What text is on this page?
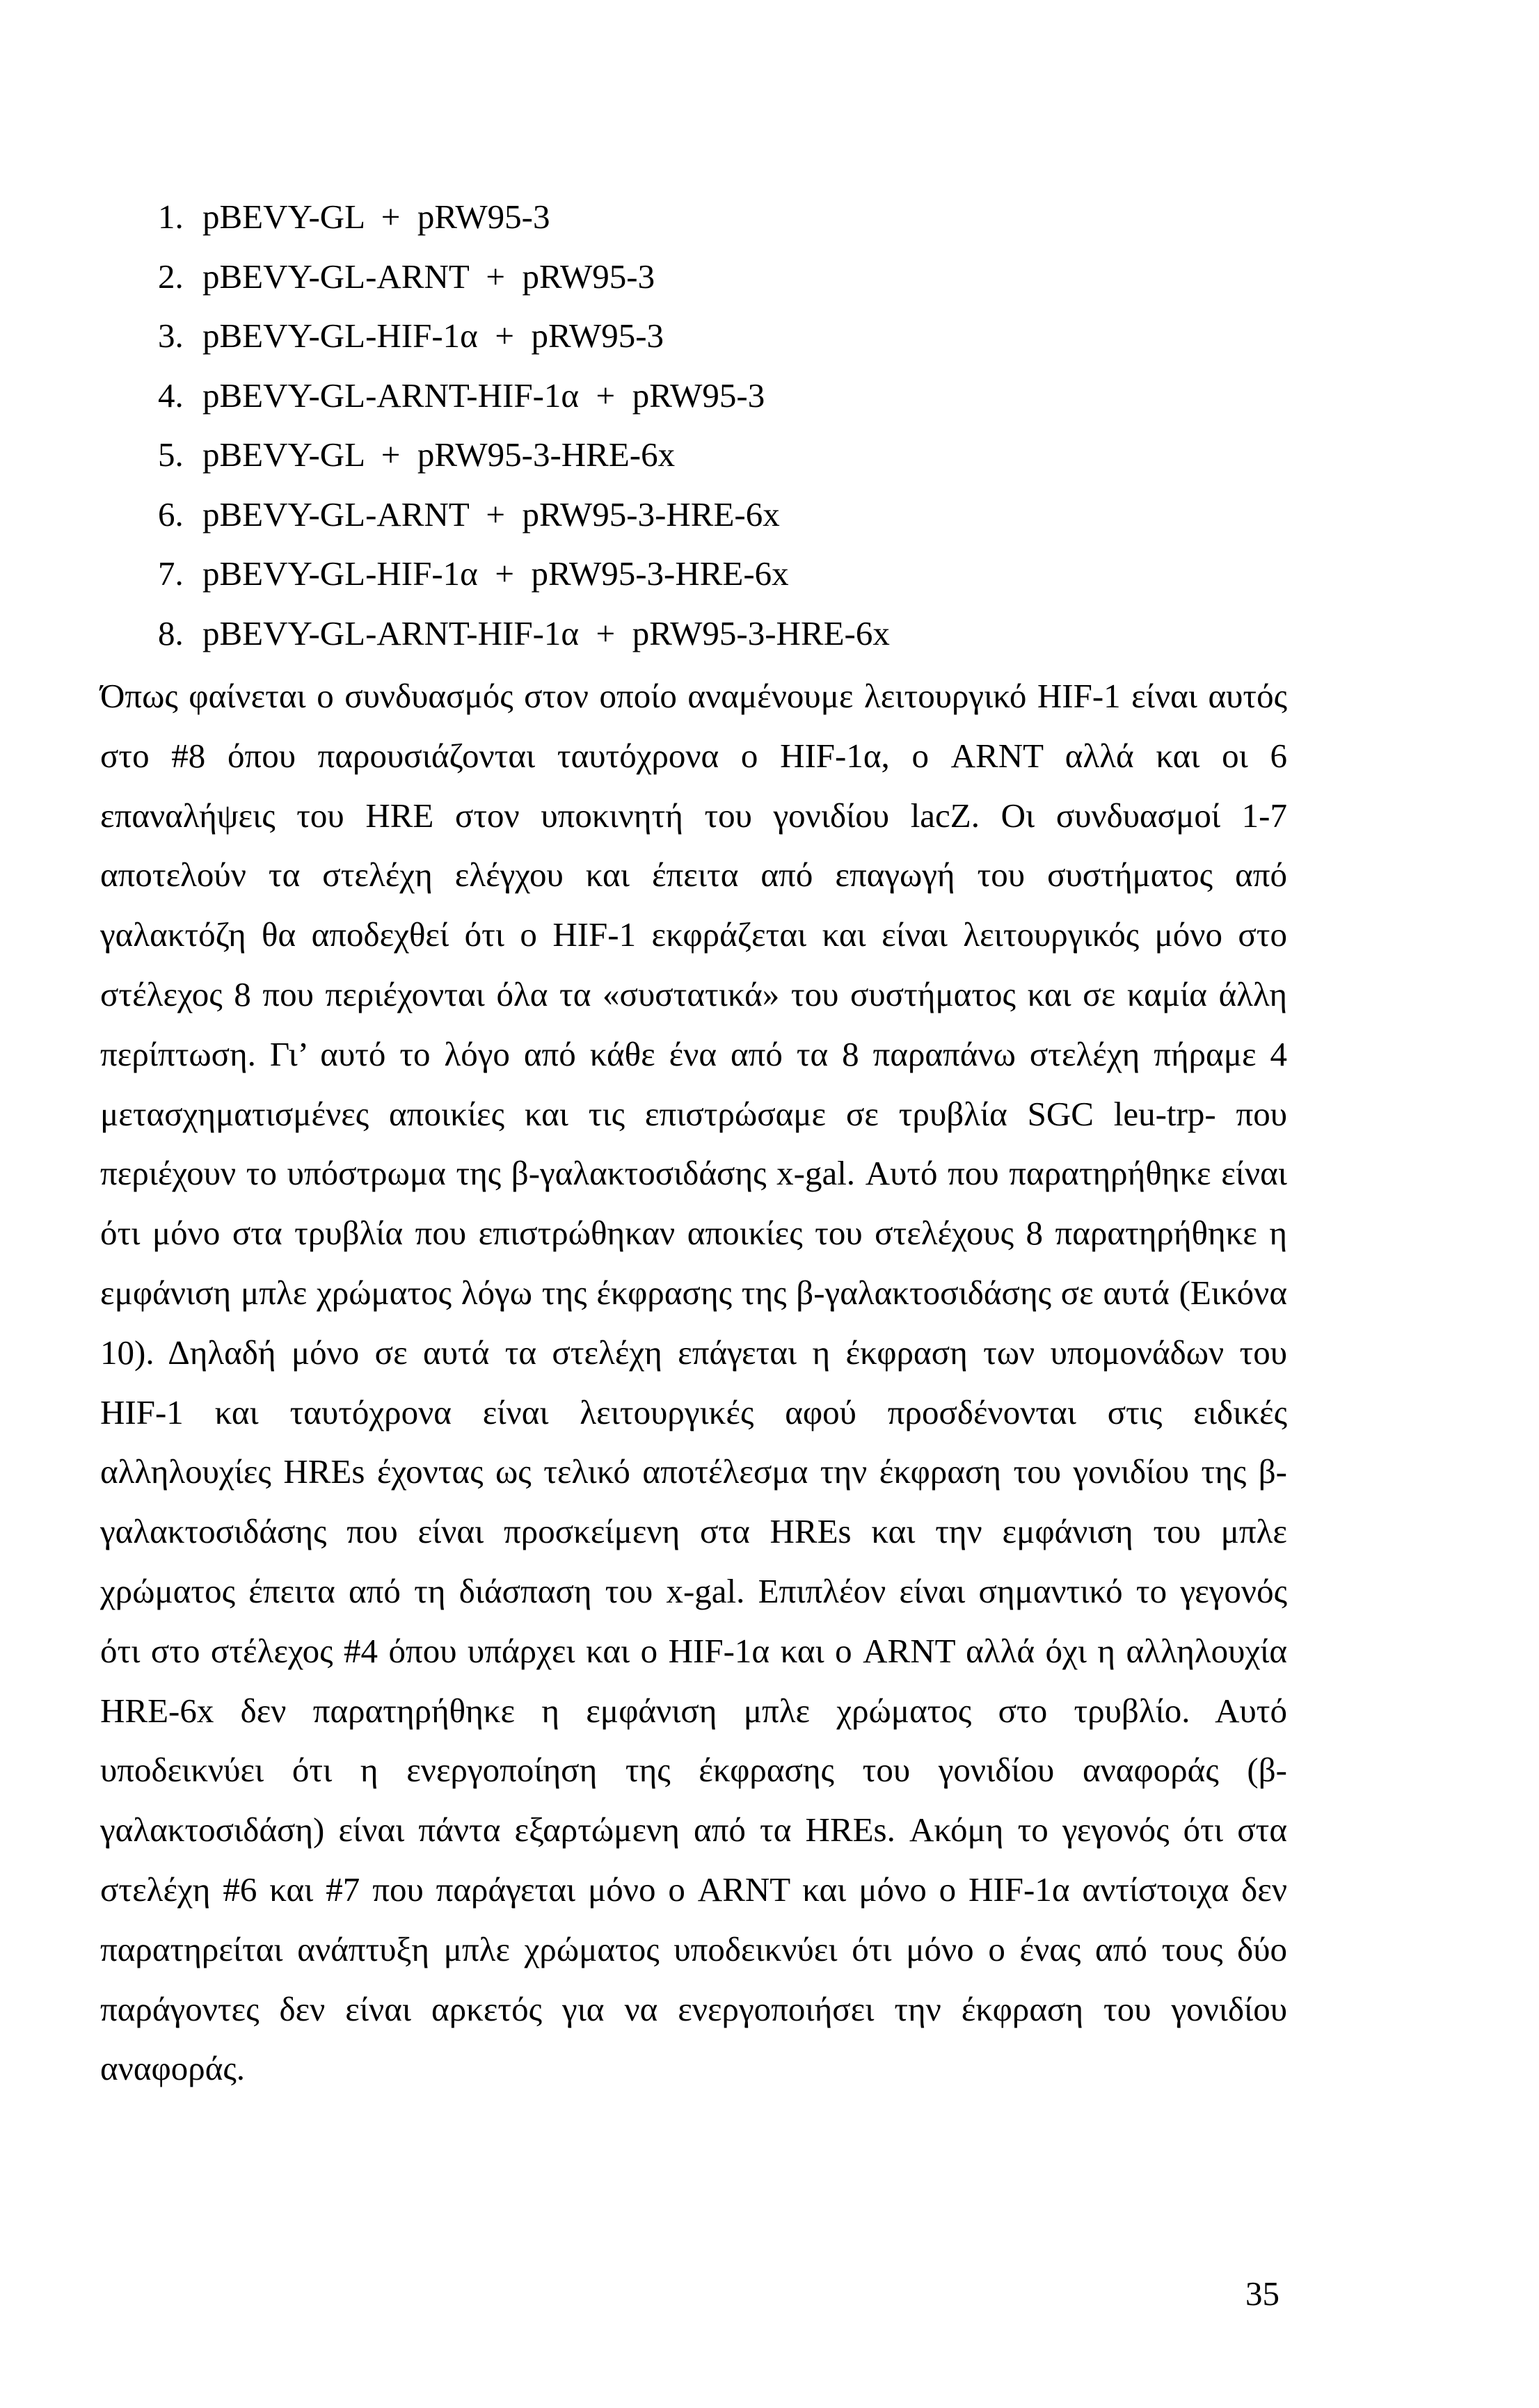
1. pBEVY-GL  +  pRW95-3
2. pBEVY-GL-ARNT  +  pRW95-3
3. pBEVY-GL-HIF-1α  +  pRW95-3
4. pBEVY-GL-ARNT-HIF-1α  +  pRW95-3
5. pBEVY-GL  +  pRW95-3-HRE-6x
6. pBEVY-GL-ARNT  +  pRW95-3-HRE-6x
7. pBEVY-GL-HIF-1α  +  pRW95-3-HRE-6x
8. pBEVY-GL-ARNT-HIF-1α  +  pRW95-3-HRE-6x
Όπως φαίνεται ο συνδυασμός στον οποίο αναμένουμε λειτουργικό HIF-1 είναι αυτός
στο #8 όπου παρουσιάζονται ταυτόχρονα ο HIF-1α, ο ARNT αλλά και οι 6
επαναλήψεις του HRE στον υποκινητή του γονιδίου lacZ. Οι συνδυασμοί 1-7
αποτελούν τα στελέχη ελέγχου και έπειτα από επαγωγή του συστήματος από
γαλακτόζη θα αποδεχθεί ότι ο HIF-1 εκφράζεται και είναι λειτουργικός μόνο στο
στέλεχος 8 που περιέχονται όλα τα «συστατικά» του συστήματος και σε καμία άλλη
περίπτωση. Γι’ αυτό το λόγο από κάθε ένα από τα 8 παραπάνω στελέχη πήραμε 4
μετασχηματισμένες αποικίες και τις επιστρώσαμε σε τρυβλία SGC leu-trp- που
περιέχουν το υπόστρωμα της β-γαλακτοσιδάσης x-gal. Αυτό που παρατηρήθηκε είναι
ότι μόνο στα τρυβλία που επιστρώθηκαν αποικίες του στελέχους 8 παρατηρήθηκε η
εμφάνιση μπλε χρώματος λόγω της έκφρασης της β-γαλακτοσιδάσης σε αυτά (Εικόνα
10). Δηλαδή μόνο σε αυτά τα στελέχη επάγεται η έκφραση των υπομονάδων του
HIF-1 και ταυτόχρονα είναι λειτουργικές αφού προσδένονται στις ειδικές
αλληλουχίες HREs έχοντας ως τελικό αποτέλεσμα την έκφραση του γονιδίου της β-
γαλακτοσιδάσης που είναι προσκείμενη στα HREs και την εμφάνιση του μπλε
χρώματος έπειτα από τη διάσπαση του x-gal. Επιπλέον είναι σημαντικό το γεγονός
ότι στο στέλεχος #4 όπου υπάρχει και ο HIF-1α και ο ARNT αλλά όχι η αλληλουχία
HRE-6x δεν παρατηρήθηκε η εμφάνιση μπλε χρώματος στο τρυβλίο. Αυτό
υποδεικνύει ότι η ενεργοποίηση της έκφρασης του γονιδίου αναφοράς (β-
γαλακτοσιδάση) είναι πάντα εξαρτώμενη από τα HREs. Ακόμη το γεγονός ότι στα
στελέχη #6 και #7 που παράγεται μόνο ο ARNT και μόνο ο HIF-1α αντίστοιχα δεν
παρατηρείται ανάπτυξη μπλε χρώματος υποδεικνύει ότι μόνο ο ένας από τους δύο
παράγοντες δεν είναι αρκετός για να ενεργοποιήσει την έκφραση του γονιδίου
αναφοράς.
35
